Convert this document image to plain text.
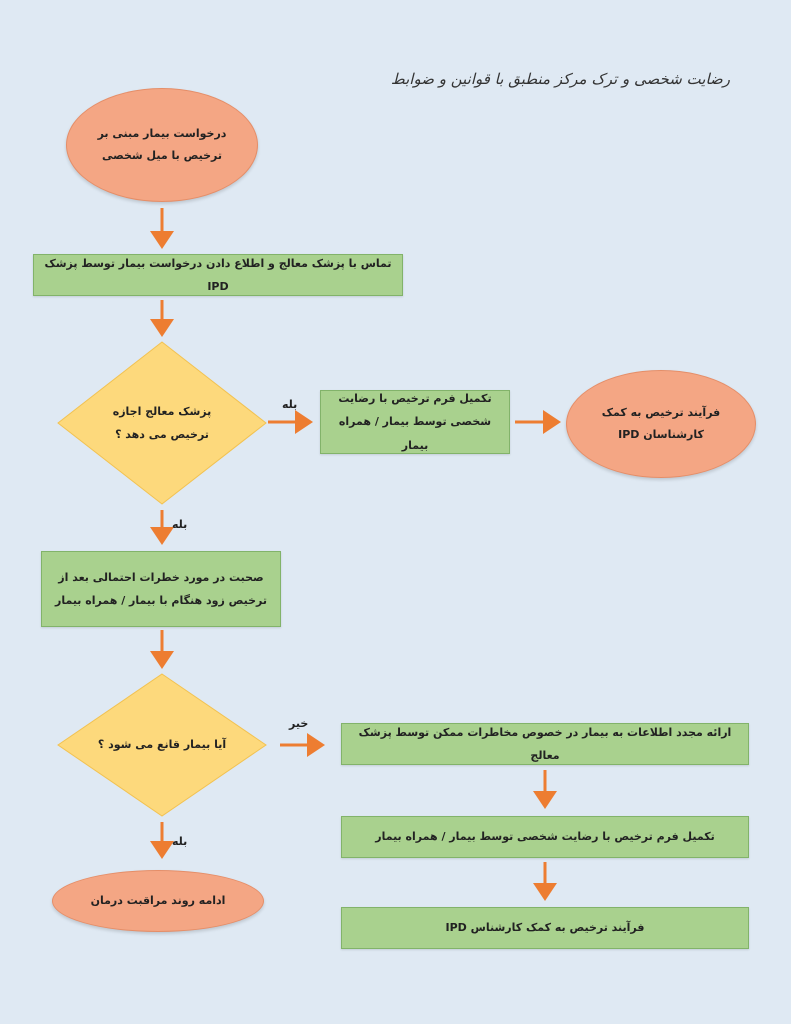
رضایت شخصی و ترک مرکز منطبق با قوانین و ضوابط
درخواست بیمار مبنی بر ترخیص با میل شخصی
تماس با پزشک معالج و اطلاع دادن درخواست بیمار توسط پزشک IPD
پزشک معالج اجازه ترخیص می دهد ؟
بله	تکمیل فرم ترخیص با رضایت شخصی توسط بیمار / همراه بیمار
فرآیند ترخیص به کمک کارشناسان IPD
بله
صحبت در مورد خطرات احتمالی بعد از ترخیص زود هنگام با بیمار / همراه بیمار
آیا بیمار قانع می شود ؟
خیر
ارائه مجدد اطلاعات به بیمار در خصوص مخاطرات ممکن توسط پزشک معالج
تکمیل فرم ترخیص با رضایت شخصی توسط بیمار / همراه بیمار
فرآیند ترخیص به کمک کارشناس IPD
بله
ادامه روند مراقبت درمان
